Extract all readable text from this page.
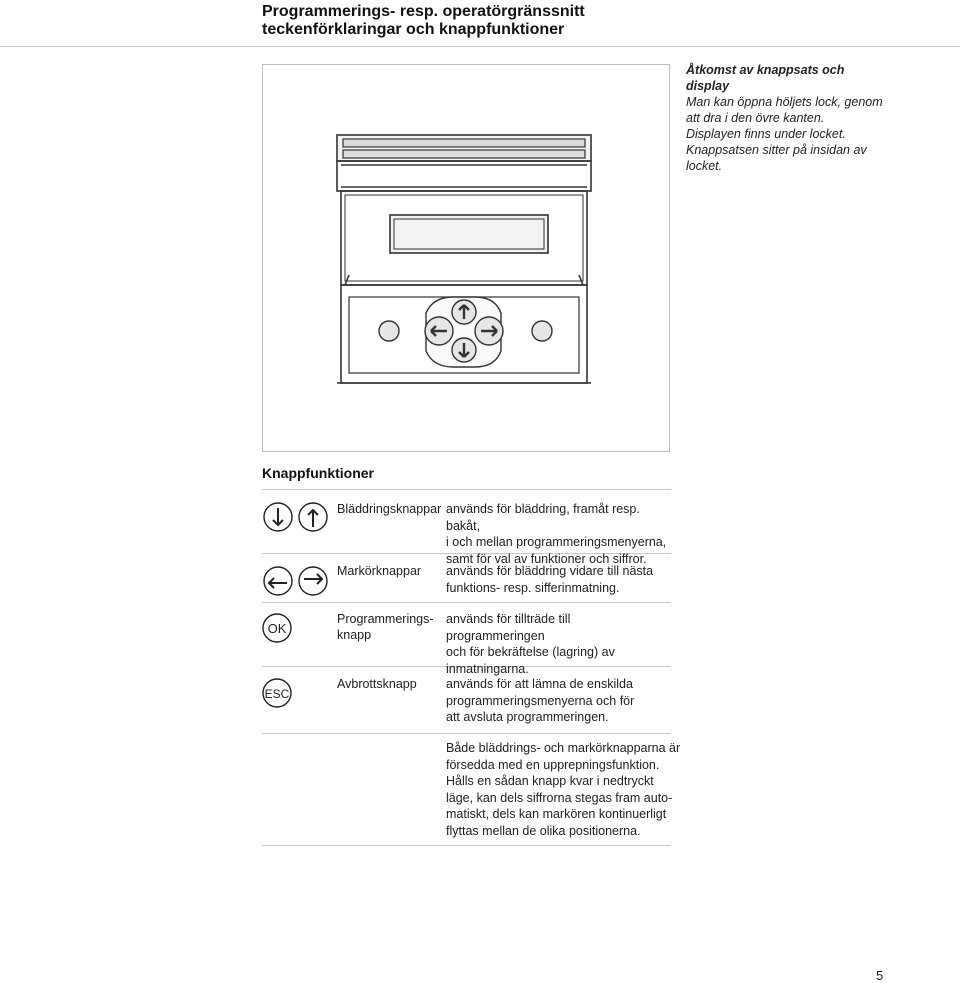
Programmerings- resp. operatörgränssnitt
teckenförklaringar och knappfunktioner
Åtkomst av knappsats och
display
Man kan öppna höljets lock, genom
att dra i den övre kanten.
Displayen finns under locket.
Knappsatsen sitter på insidan av
locket.
Knappfunktioner
Bläddringsknappar används för bläddring, framåt resp. bakåt,
i och mellan programmeringsmenyerna,
samt för val av funktioner och siffror.
Markörknappar används för bläddring vidare till nästa
funktions- resp. sifferinmatning.
OK
Programmerings-
knapp
används för tillträde till programmeringen
och för bekräftelse (lagring) av
inmatningarna.
ESC
Avbrottsknapp används för att lämna de enskilda
programmeringsmenyerna och för
att avsluta programmeringen.
Både bläddrings- och markörknapparna är
försedda med en upprepningsfunktion.
Hålls en sådan knapp kvar i nedtryckt
läge, kan dels siffrorna stegas fram auto-
matiskt, dels kan markören kontinuerligt
flyttas mellan de olika positionerna.
5
